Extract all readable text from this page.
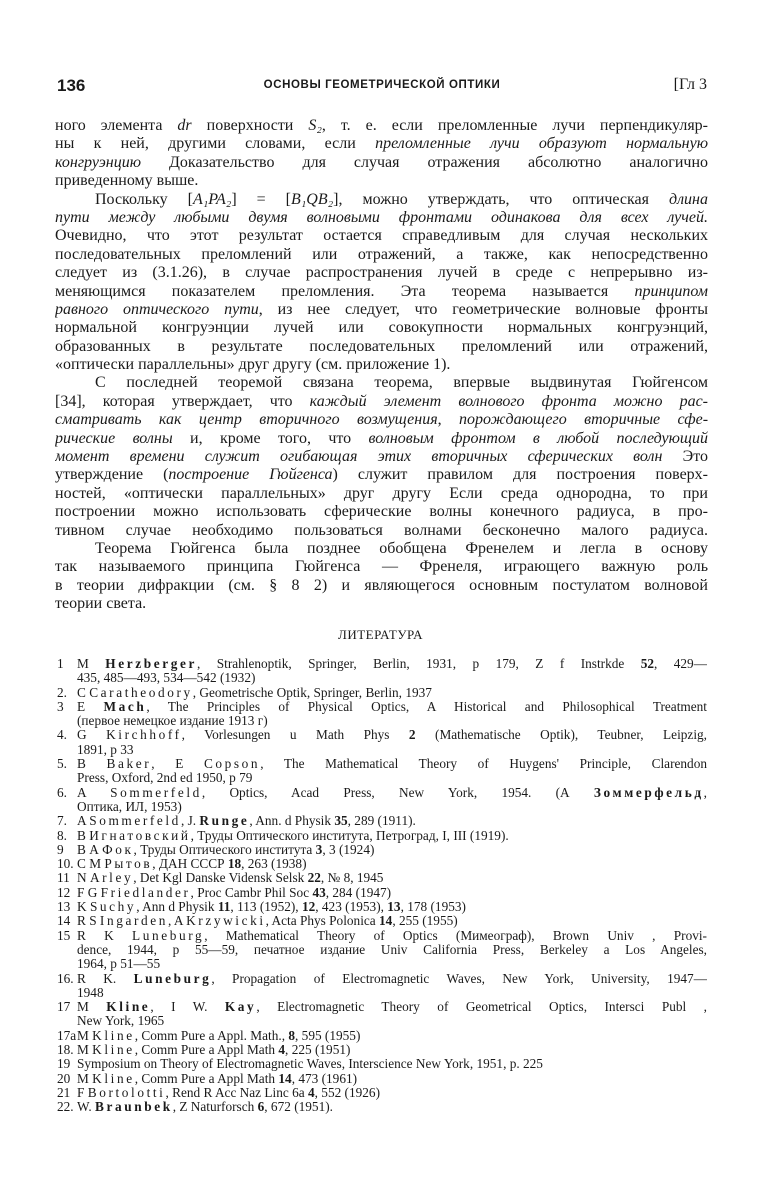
136	ОСНОВЫ ГЕОМЕТРИЧЕСКОЙ ОПТИКИ	[Гл 3
ного элемента dr поверхности S₂, т. е. если преломленные лучи перпендикуляр-
ны к ней, другими словами, если преломленные лучи образуют нормальную
конгруэнцию Доказательство для случая отражения абсолютно аналогично
приведенному выше.
Поскольку [A₁PA₂] = [B₁QB₂], можно утверждать, что оптическая длина
пути между любыми двумя волновыми фронтами одинакова для всех лучей.
Очевидно, что этот результат остается справедливым для случая нескольких
последовательных преломлений или отражений, а также, как непосредственно
следует из (3.1.26), в случае распространения лучей в среде с непрерывно из-
меняющимся показателем преломления. Эта теорема называется принципом
равного оптического пути, из нее следует, что геометрические волновые фронты
нормальной конгруэнции лучей или совокупности нормальных конгруэнций,
образованных в результате последовательных преломлений или отражений,
«оптически параллельны» друг другу (см. приложение 1).
С последней теоремой связана теорема, впервые выдвинутая Гюйгенсом
[34], которая утверждает, что каждый элемент волнового фронта можно рас-
сматривать как центр вторичного возмущения, порождающего вторичные сфе-
рические волны и, кроме того, что волновым фронтом в любой последующий
момент времени служит огибающая этих вторичных сферических волн Это
утверждение (построение Гюйгенса) служит правилом для построения поверх-
ностей, «оптически параллельных» друг другу Если среда однородна, то при
построении можно использовать сферические волны конечного радиуса, в про-
тивном случае необходимо пользоваться волнами бесконечно малого радиуса.
Теорема Гюйгенса была позднее обобщена Френелем и легла в основу
так называемого принципа Гюйгенса — Френеля, играющего важную роль
в теории дифракции (см. § 8 2) и являющегося основным постулатом волновой
теории света.
ЛИТЕРАТУРА
1 M Herzberger, Strahlenoptik, Springer, Berlin, 1931, p 179, Z f Instrkde 52, 429—
435, 485—493, 534—542 (1932)
2. C Caratheodory, Geometrische Optik, Springer, Berlin, 1937
3 E Mach, The Principles of Physical Optics, A Historical and Philosophical Treatment
(первое немецкое издание 1913 г)
4. G Kirchhoff, Vorlesungen u Math Phys 2 (Mathematische Optik), Teubner, Leipzig,
1891, p 33
5. B Baker, E Copson, The Mathematical Theory of Huygens' Principle, Clarendon
Press, Oxford, 2nd ed 1950, p 79
6. A Sommerfeld, Optics, Acad Press, New York, 1954. (А Зоммерфельд,
Оптика, ИЛ, 1953)
7. A Sommerfeld, J. Runge, Ann. d Physik 35, 289 (1911).
8. В Игнатовский, Труды Оптического института, Петроград, I, III (1919).
9 В А Фок, Труды Оптического института 3, 3 (1924)
10. С М Рытов, ДАН СССР 18, 263 (1938)
11 N Arley, Det Kgl Danske Vidensk Selsk 22, № 8, 1945
12 F G Friedlander, Proc Cambr Phil Soc 43, 284 (1947)
13 K Suchy, Ann d Physik 11, 113 (1952), 12, 423 (1953), 13, 178 (1953)
14 R S Ingarden, A Krzywicki, Acta Phys Polonica 14, 255 (1955)
15 R K Luneburg, Mathematical Theory of Optics (Мимеограф), Brown Univ , Provi-
dence, 1944, p 55—59, печатное издание Univ California Press, Berkeley a Los Angeles,
1964, p 51—55
16. R K. Luneburg, Propagation of Electromagnetic Waves, New York, University, 1947—
1948
17 M Kline, I W. Kay, Electromagnetic Theory of Geometrical Optics, Intersci Publ ,
New York, 1965
17a M Kline, Comm Pure a Appl. Math., 8, 595 (1955)
18. M Kline, Comm Pure a Appl Math 4, 225 (1951)
19 Symposium on Theory of Electromagnetic Waves, Interscience New York, 1951, p. 225
20 M Kline, Comm Pure a Appl Math 14, 473 (1961)
21 F Bortolotti, Rend R Acc Naz Linc 6a 4, 552 (1926)
22. W. Braunbek, Z Naturforsch 6, 672 (1951).
